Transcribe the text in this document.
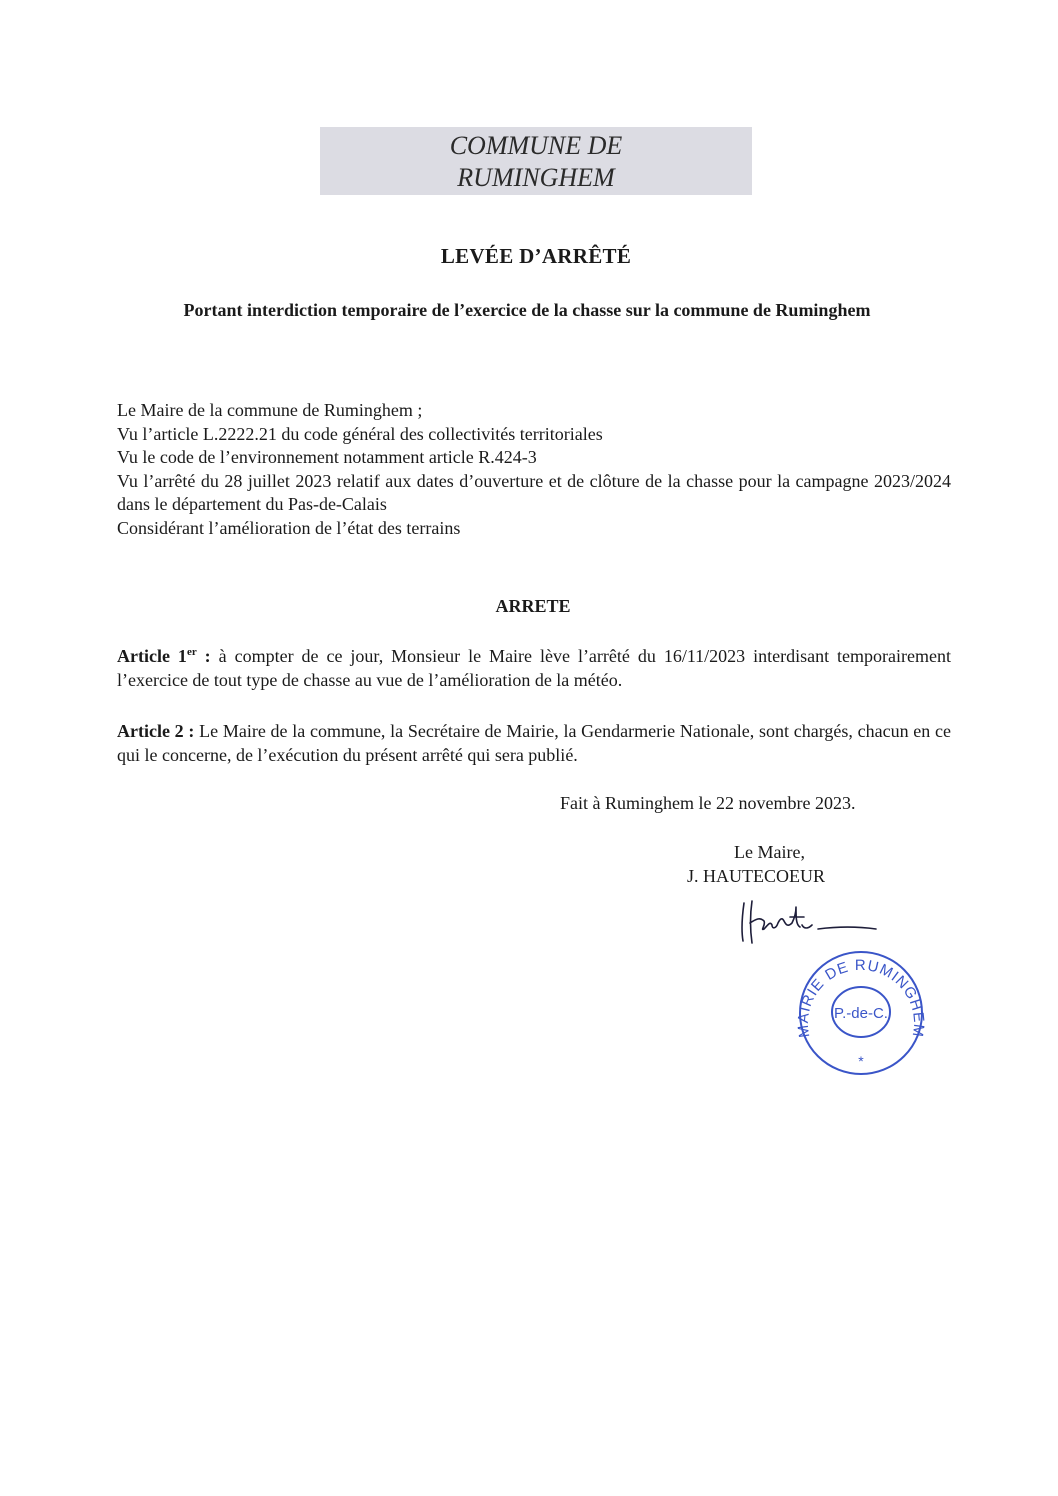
COMMUNE DE
RUMINGHEM
LEVÉE D’ARRÊTÉ
Portant interdiction temporaire de l’exercice de la chasse sur la commune de Ruminghem
Le Maire de la commune de Ruminghem ;
Vu l’article L.2222.21 du code général des collectivités territoriales
Vu le code de l’environnement notamment article R.424-3
Vu l’arrêté du 28 juillet 2023 relatif aux dates d’ouverture et de clôture de la chasse pour la campagne 2023/2024 dans le département du Pas-de-Calais
Considérant l’amélioration de l’état des terrains
ARRETE
Article 1er : à compter de ce jour, Monsieur le Maire lève l’arrêté du 16/11/2023 interdisant temporairement l’exercice de tout type de chasse au vue de l’amélioration de la météo.
Article 2 : Le Maire de la commune, la Secrétaire de Mairie, la Gendarmerie Nationale, sont chargés, chacun en ce qui le concerne, de l’exécution du présent arrêté qui sera publié.
Fait à Ruminghem le 22 novembre 2023.
Le Maire,
J. HAUTECOEUR
MAIRIE DE RUMINGHEM
P.-de-C.
*
